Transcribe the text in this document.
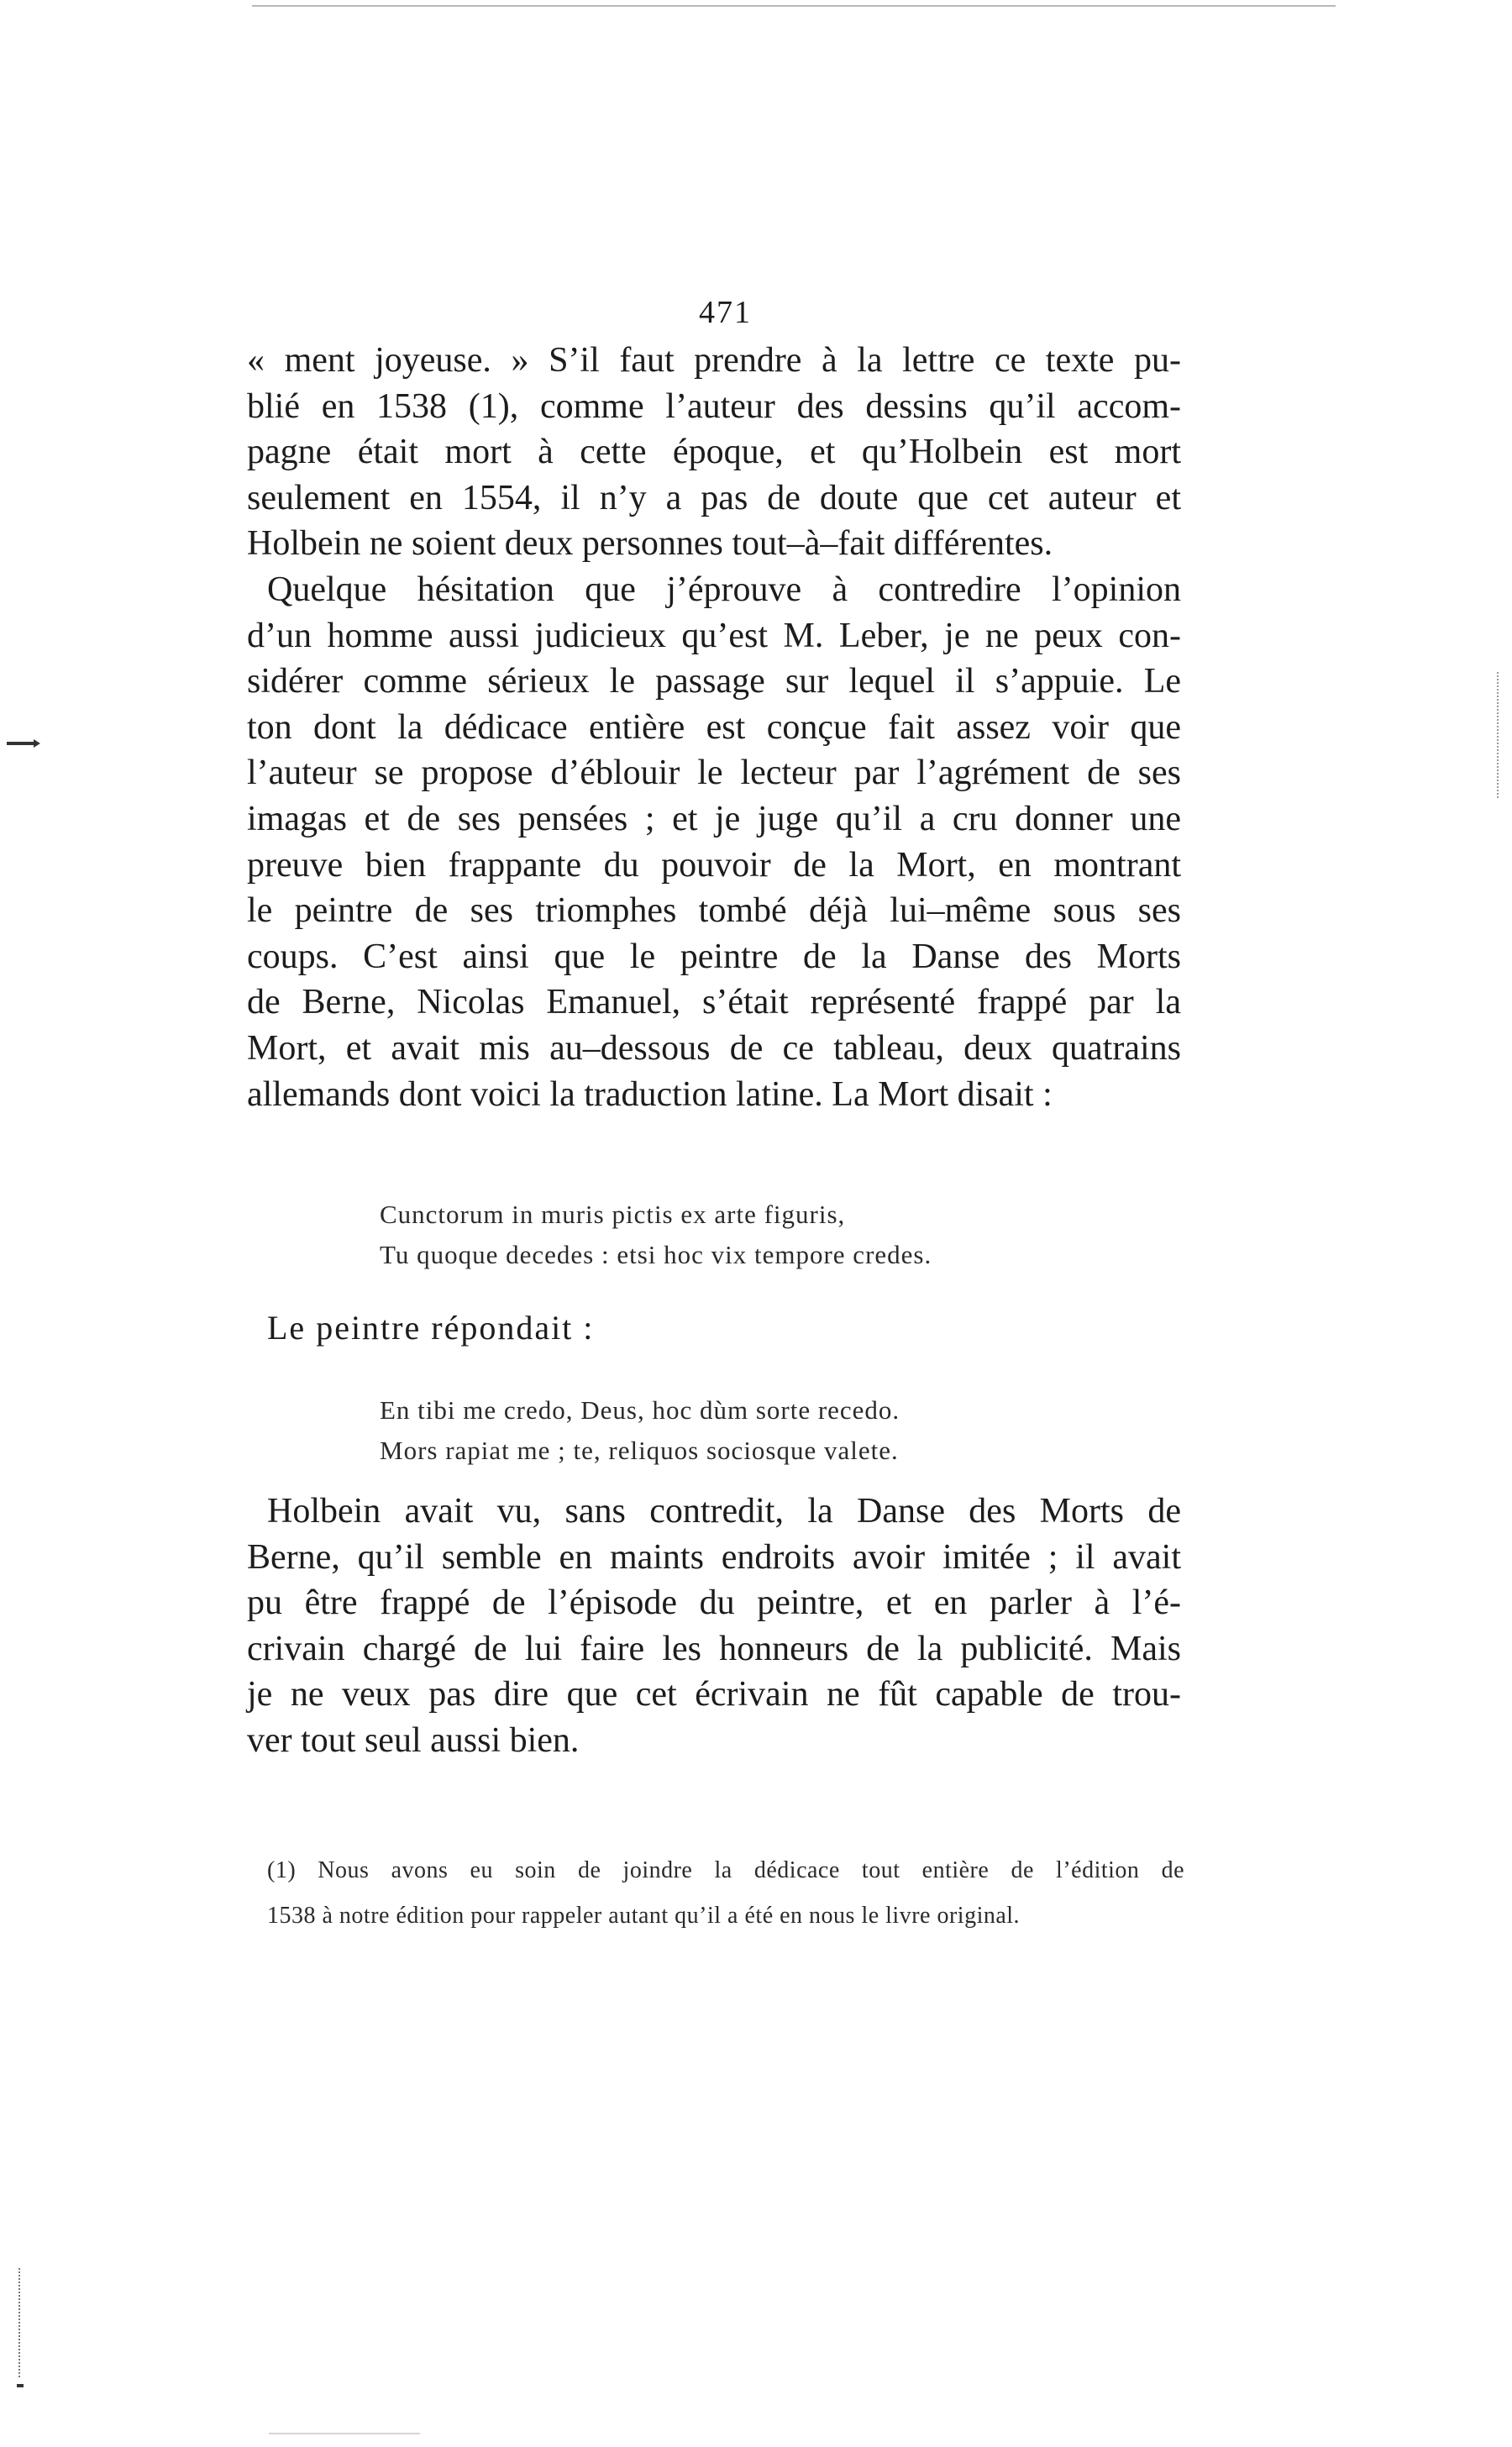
471
« ment joyeuse. » S’il faut prendre à la lettre ce texte pu-
blié en 1538 (1), comme l’auteur des dessins qu’il accom-
pagne était mort à cette époque, et qu’Holbein est mort
seulement en 1554, il n’y a pas de doute que cet auteur et
Holbein ne soient deux personnes tout–à–fait différentes.
Quelque hésitation que j’éprouve à contredire l’opinion
d’un homme aussi judicieux qu’est M. Leber, je ne peux con-
sidérer comme sérieux le passage sur lequel il s’appuie. Le
ton dont la dédicace entière est conçue fait assez voir que
l’auteur se propose d’éblouir le lecteur par l’agrément de ses
imagas et de ses pensées ; et je juge qu’il a cru donner une
preuve bien frappante du pouvoir de la Mort, en montrant
le peintre de ses triomphes tombé déjà lui–même sous ses
coups. C’est ainsi que le peintre de la Danse des Morts
de Berne, Nicolas Emanuel, s’était représenté frappé par la
Mort, et avait mis au–dessous de ce tableau, deux quatrains
allemands dont voici la traduction latine. La Mort disait :
Cunctorum in muris pictis ex arte figuris,
Tu quoque decedes : etsi hoc vix tempore credes.
Le peintre répondait :
En tibi me credo, Deus, hoc dùm sorte recedo.
Mors rapiat me ; te, reliquos sociosque valete.
Holbein avait vu, sans contredit, la Danse des Morts de
Berne, qu’il semble en maints endroits avoir imitée ; il avait
pu être frappé de l’épisode du peintre, et en parler à l’é-
crivain chargé de lui faire les honneurs de la publicité. Mais
je ne veux pas dire que cet écrivain ne fût capable de trou-
ver tout seul aussi bien.
(1) Nous avons eu soin de joindre la dédicace tout entière de l’édition de
1538 à notre édition pour rappeler autant qu’il a été en nous le livre original.
